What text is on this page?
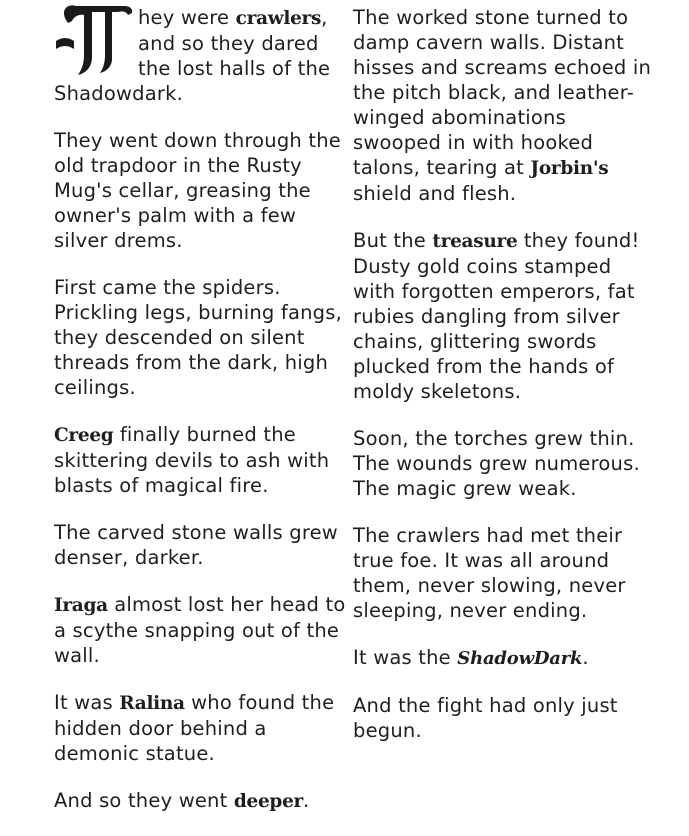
hey were crawlers, and so they dared the lost halls of the Shadowdark.

They went down through the old trapdoor in the Rusty Mug's cellar, greasing the owner's palm with a few silver drems.

First came the spiders. Prickling legs, burning fangs, they descended on silent threads from the dark, high ceilings.

Creeg finally burned the skittering devils to ash with blasts of magical fire.

The carved stone walls grew denser, darker.

Iraga almost lost her head to a scythe snapping out of the wall.

It was Ralina who found the hidden door behind a demonic statue.

And so they went deeper.

The worked stone turned to damp cavern walls. Distant hisses and screams echoed in the pitch black, and leather-winged abominations swooped in with hooked talons, tearing at Jorbin's shield and flesh.

But the treasure they found! Dusty gold coins stamped with forgotten emperors, fat rubies dangling from silver chains, glittering swords plucked from the hands of moldy skeletons.

Soon, the torches grew thin. The wounds grew numerous. The magic grew weak.

The crawlers had met their true foe. It was all around them, never slowing, never sleeping, never ending.

It was the ShadowDark.

And the fight had only just begun.
